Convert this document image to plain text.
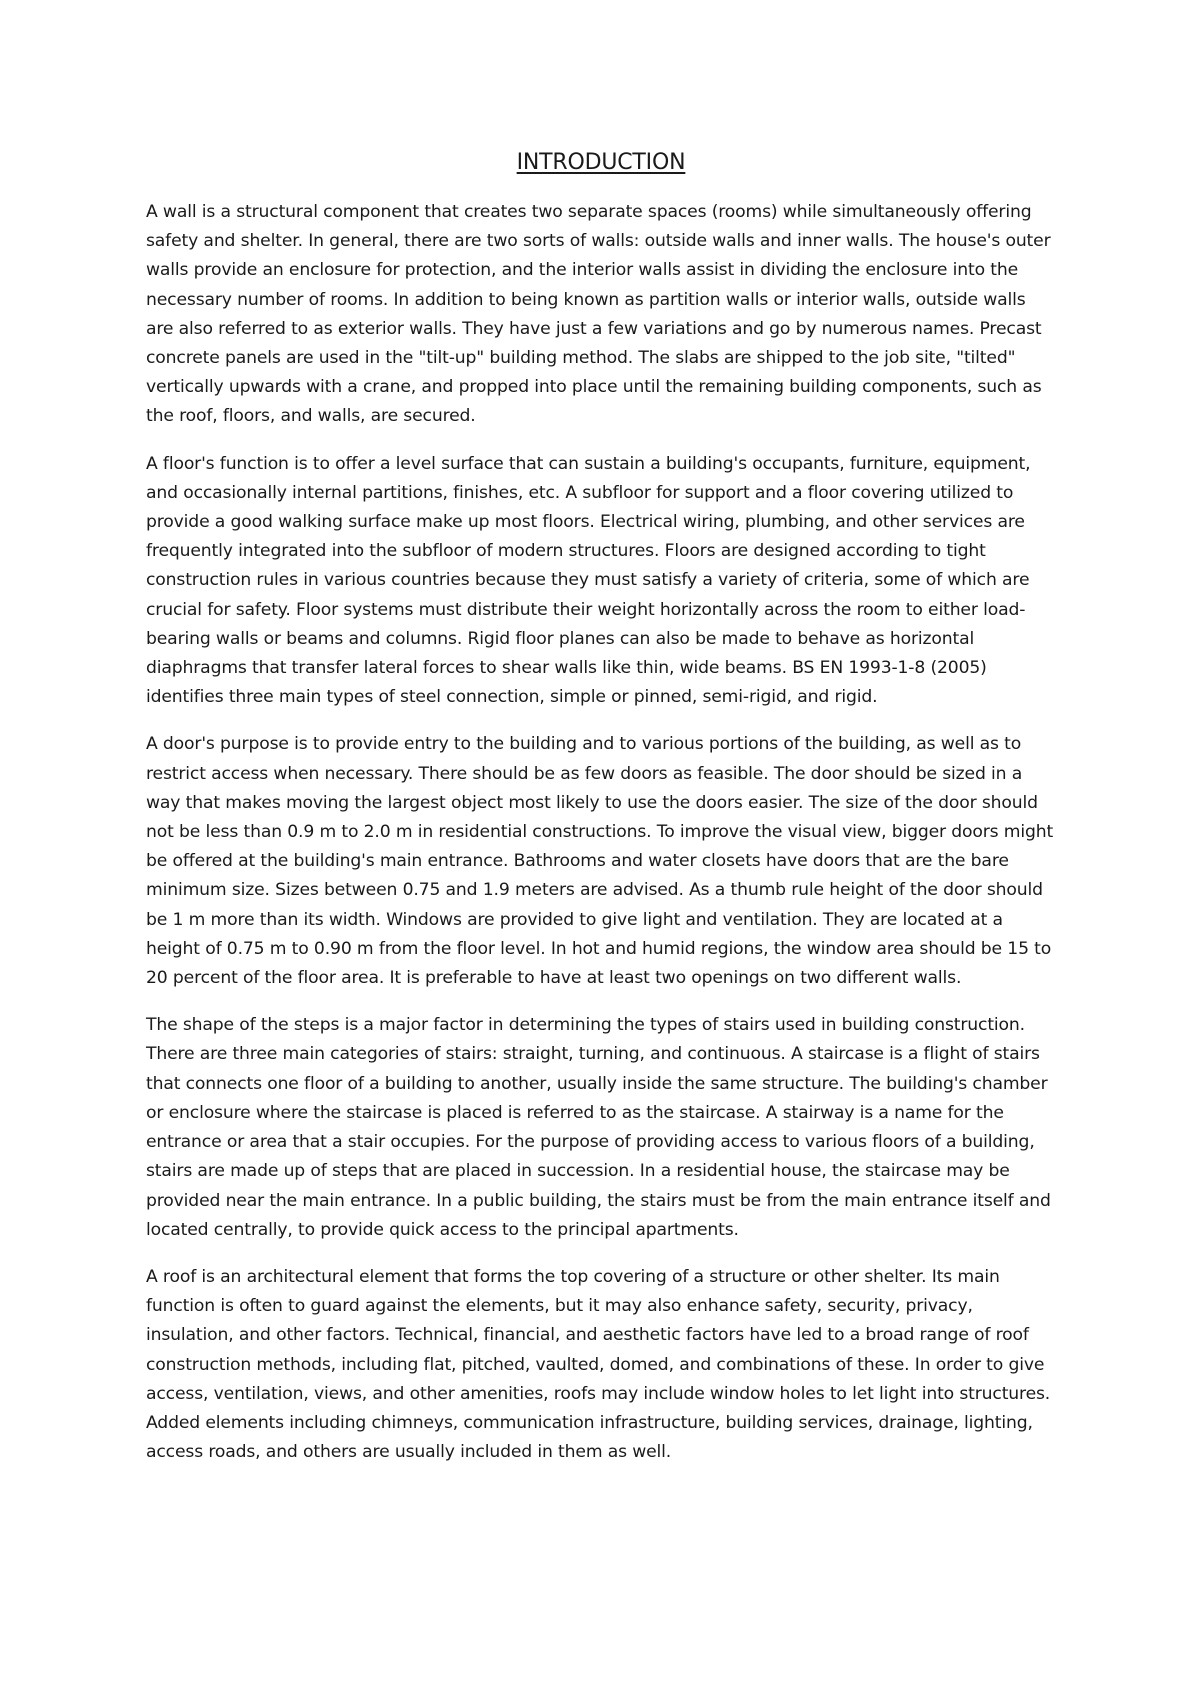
INTRODUCTION

A wall is a structural component that creates two separate spaces (rooms) while simultaneously offering safety and shelter. In general, there are two sorts of walls: outside walls and inner walls. The house's outer walls provide an enclosure for protection, and the interior walls assist in dividing the enclosure into the necessary number of rooms. In addition to being known as partition walls or interior walls, outside walls are also referred to as exterior walls. They have just a few variations and go by numerous names. Precast concrete panels are used in the "tilt-up" building method. The slabs are shipped to the job site, "tilted" vertically upwards with a crane, and propped into place until the remaining building components, such as the roof, floors, and walls, are secured.

A floor's function is to offer a level surface that can sustain a building's occupants, furniture, equipment, and occasionally internal partitions, finishes, etc. A subfloor for support and a floor covering utilized to provide a good walking surface make up most floors. Electrical wiring, plumbing, and other services are frequently integrated into the subfloor of modern structures. Floors are designed according to tight construction rules in various countries because they must satisfy a variety of criteria, some of which are crucial for safety. Floor systems must distribute their weight horizontally across the room to either load-bearing walls or beams and columns. Rigid floor planes can also be made to behave as horizontal diaphragms that transfer lateral forces to shear walls like thin, wide beams. BS EN 1993-1-8 (2005) identifies three main types of steel connection, simple or pinned, semi-rigid, and rigid.

A door's purpose is to provide entry to the building and to various portions of the building, as well as to restrict access when necessary. There should be as few doors as feasible. The door should be sized in a way that makes moving the largest object most likely to use the doors easier. The size of the door should not be less than 0.9 m to 2.0 m in residential constructions. To improve the visual view, bigger doors might be offered at the building's main entrance. Bathrooms and water closets have doors that are the bare minimum size. Sizes between 0.75 and 1.9 meters are advised. As a thumb rule height of the door should be 1 m more than its width. Windows are provided to give light and ventilation. They are located at a height of 0.75 m to 0.90 m from the floor level. In hot and humid regions, the window area should be 15 to 20 percent of the floor area. It is preferable to have at least two openings on two different walls.

The shape of the steps is a major factor in determining the types of stairs used in building construction. There are three main categories of stairs: straight, turning, and continuous. A staircase is a flight of stairs that connects one floor of a building to another, usually inside the same structure. The building's chamber or enclosure where the staircase is placed is referred to as the staircase. A stairway is a name for the entrance or area that a stair occupies. For the purpose of providing access to various floors of a building, stairs are made up of steps that are placed in succession. In a residential house, the staircase may be provided near the main entrance. In a public building, the stairs must be from the main entrance itself and located centrally, to provide quick access to the principal apartments.

A roof is an architectural element that forms the top covering of a structure or other shelter. Its main function is often to guard against the elements, but it may also enhance safety, security, privacy, insulation, and other factors. Technical, financial, and aesthetic factors have led to a broad range of roof construction methods, including flat, pitched, vaulted, domed, and combinations of these. In order to give access, ventilation, views, and other amenities, roofs may include window holes to let light into structures. Added elements including chimneys, communication infrastructure, building services, drainage, lighting, access roads, and others are usually included in them as well.
